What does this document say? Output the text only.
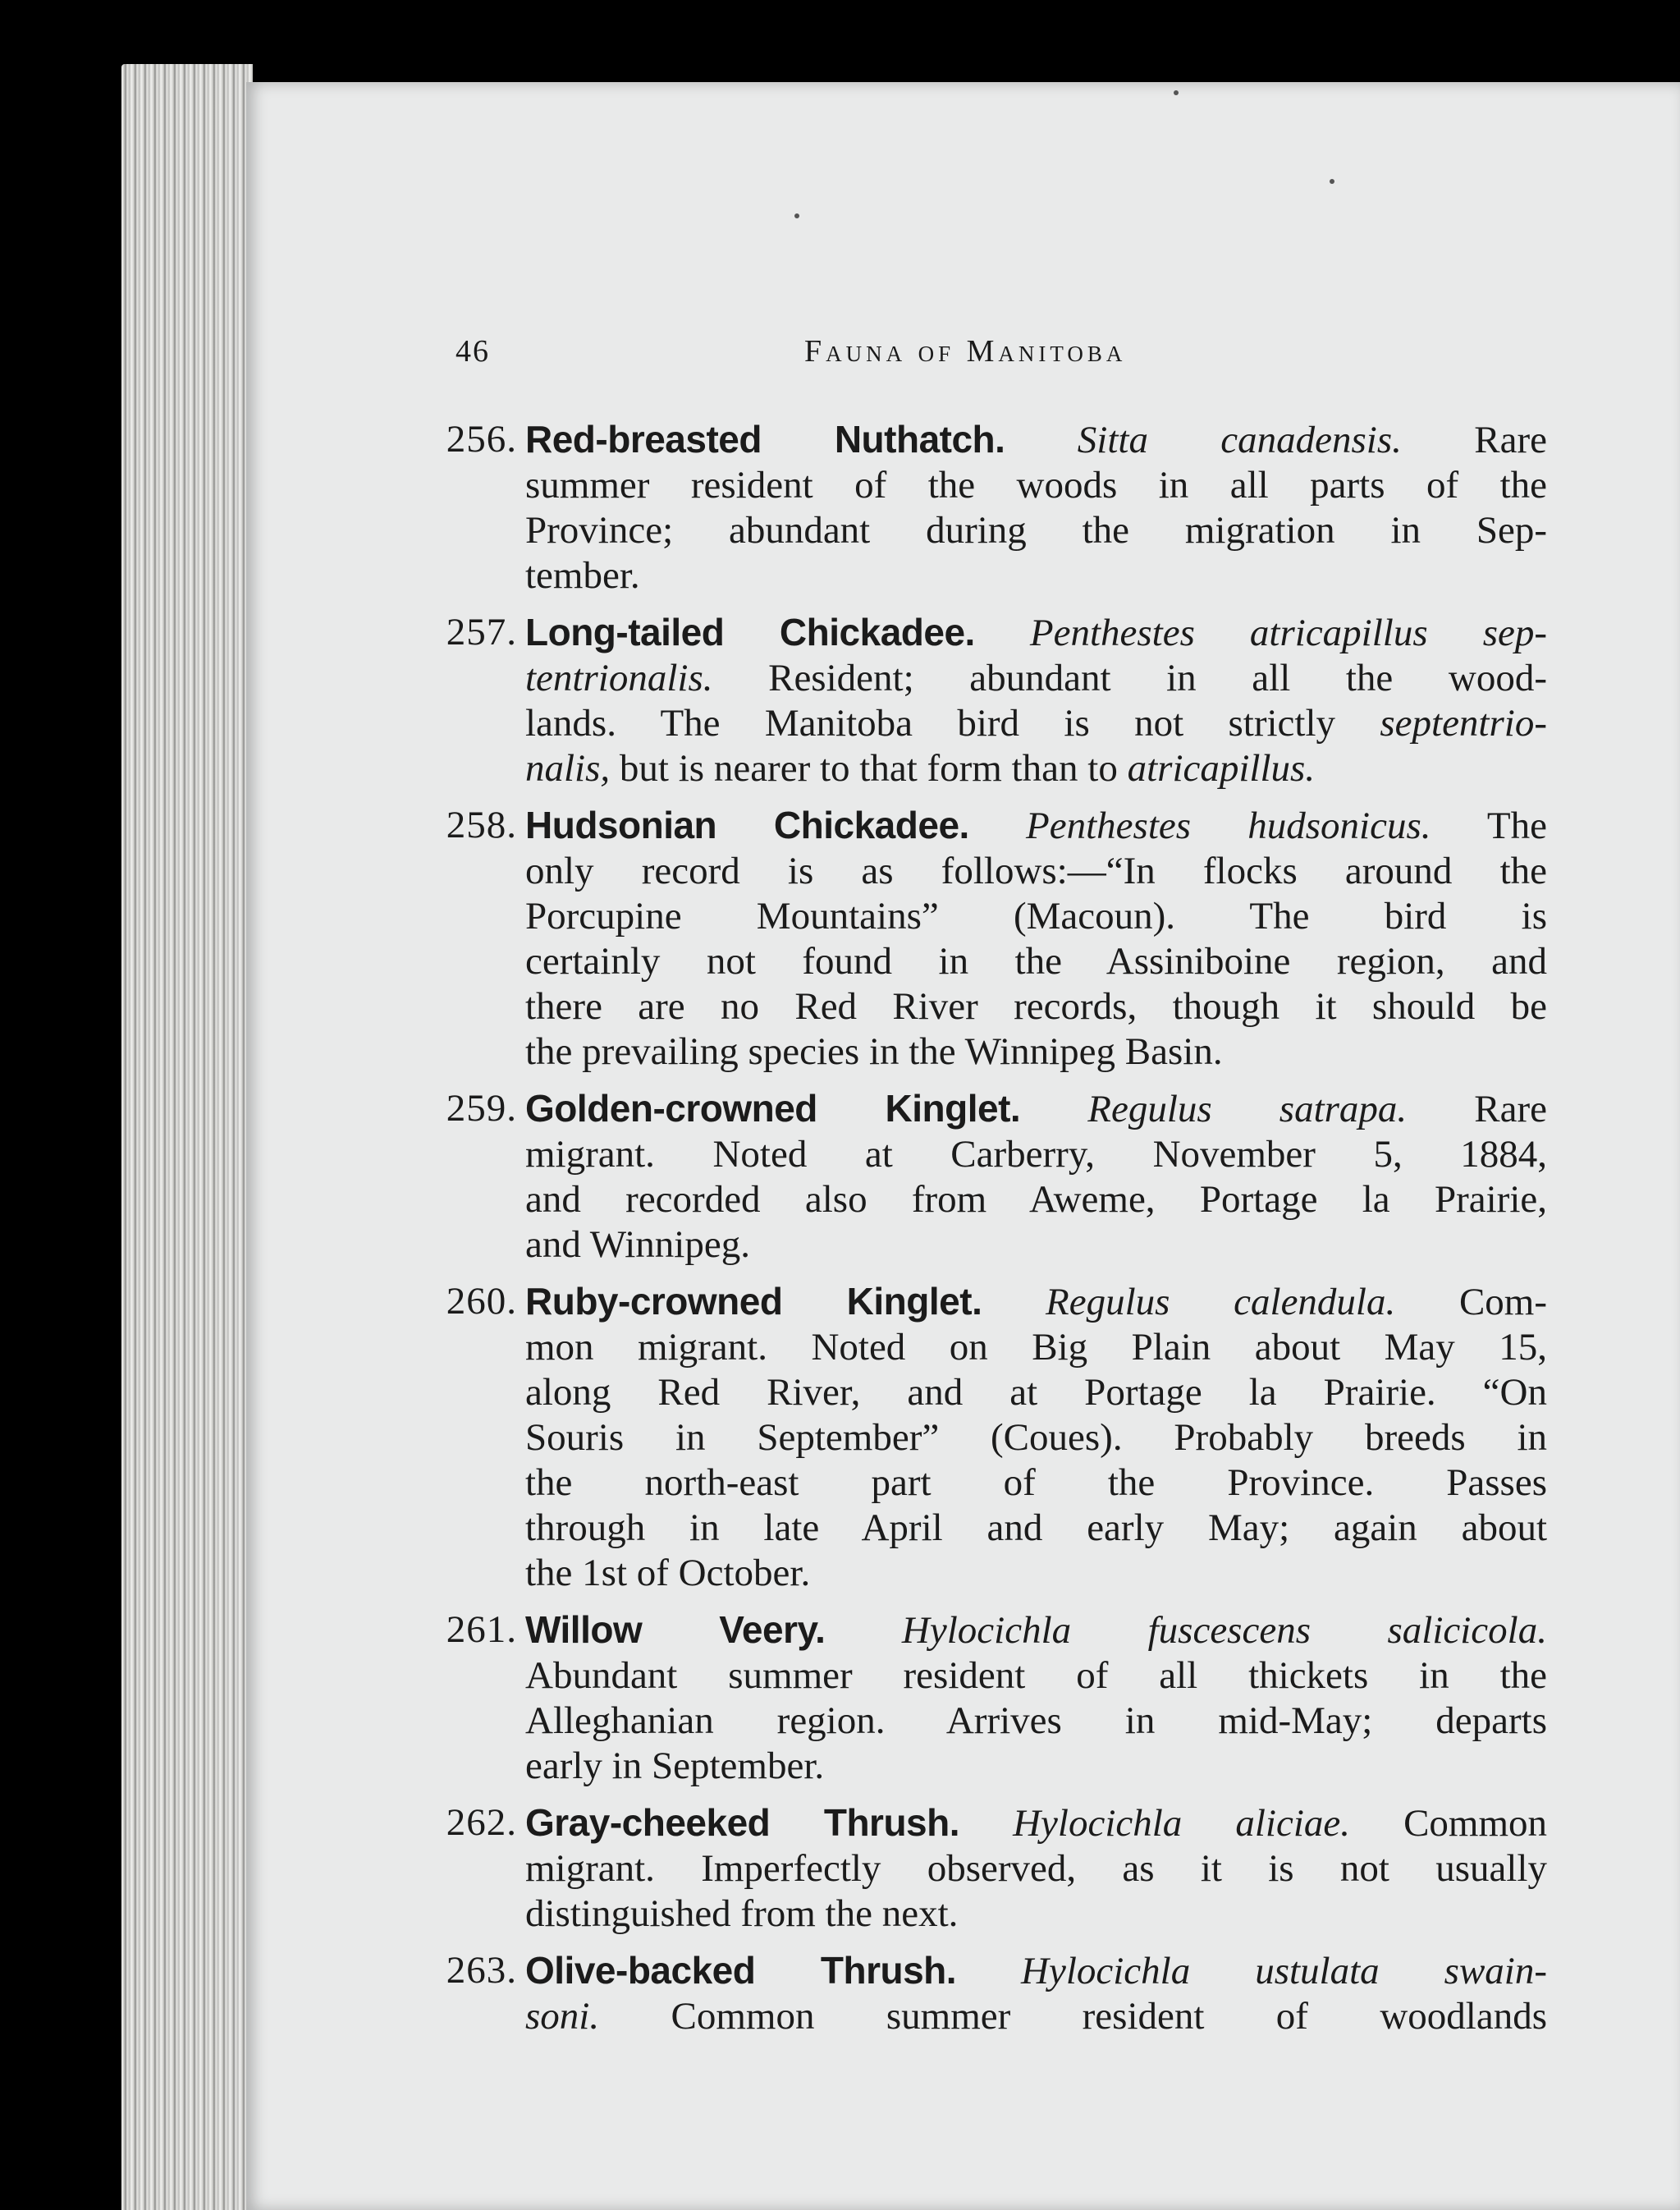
46	Fauna of Manitoba
256. Red-breasted Nuthatch. Sitta canadensis. Rare
summer resident of the woods in all parts of the
Province; abundant during the migration in Sep-
tember.
257. Long-tailed Chickadee. Penthestes atricapillus sep-
tentrionalis. Resident; abundant in all the wood-
lands. The Manitoba bird is not strictly septentrio-
nalis, but is nearer to that form than to atricapillus.
258. Hudsonian Chickadee. Penthestes hudsonicus. The
only record is as follows:—“In flocks around the
Porcupine Mountains” (Macoun). The bird is
certainly not found in the Assiniboine region, and
there are no Red River records, though it should be
the prevailing species in the Winnipeg Basin.
259. Golden-crowned Kinglet. Regulus satrapa. Rare
migrant. Noted at Carberry, November 5, 1884,
and recorded also from Aweme, Portage la Prairie,
and Winnipeg.
260. Ruby-crowned Kinglet. Regulus calendula. Com-
mon migrant. Noted on Big Plain about May 15,
along Red River, and at Portage la Prairie. “On
Souris in September” (Coues). Probably breeds in
the north-east part of the Province. Passes
through in late April and early May; again about
the 1st of October.
261. Willow Veery. Hylocichla fuscescens salicicola.
Abundant summer resident of all thickets in the
Alleghanian region. Arrives in mid-May; departs
early in September.
262. Gray-cheeked Thrush. Hylocichla aliciae. Common
migrant. Imperfectly observed, as it is not usually
distinguished from the next.
263. Olive-backed Thrush. Hylocichla ustulata swain-
soni. Common summer resident of woodlands
